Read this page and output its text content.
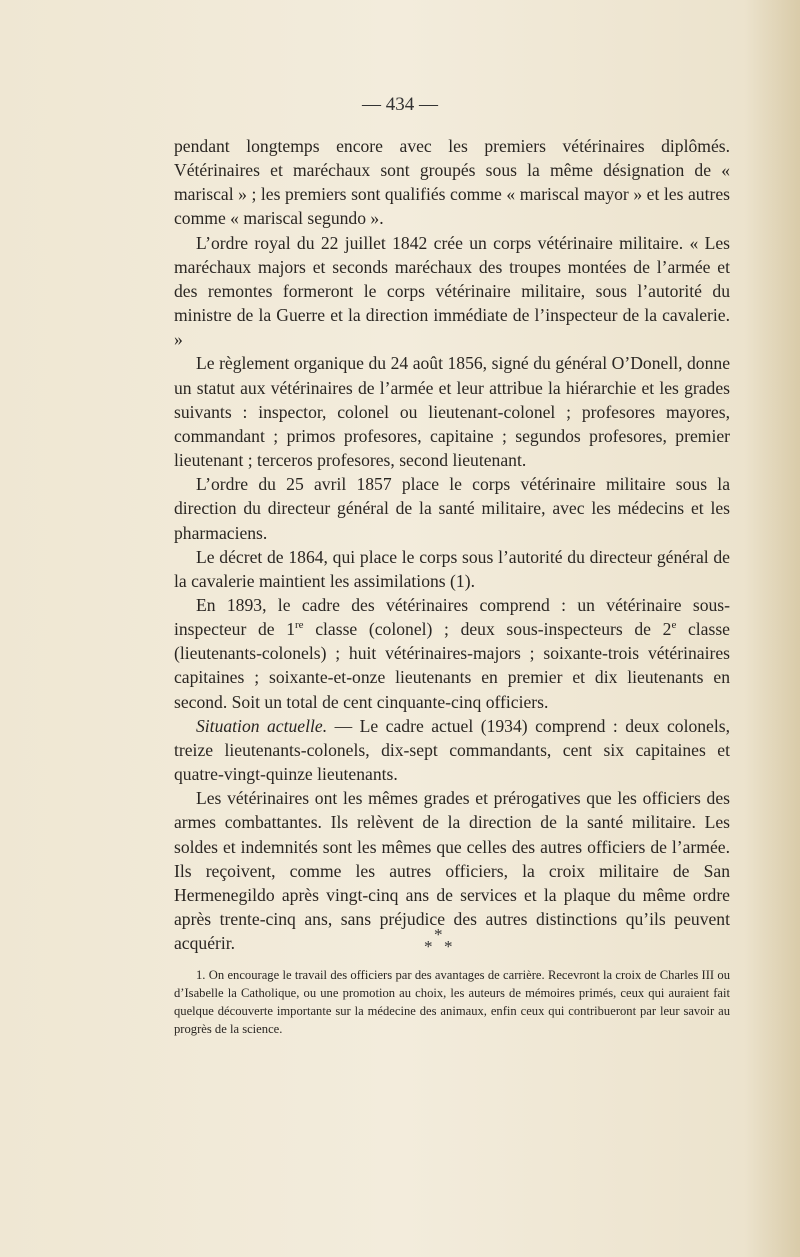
— 434 —

pendant longtemps encore avec les premiers vétérinaires diplômés. Vétérinaires et maréchaux sont groupés sous la même désignation de « mariscal » ; les premiers sont qualifiés comme « mariscal mayor » et les autres comme « mariscal segundo ».

L’ordre royal du 22 juillet 1842 crée un corps vétérinaire militaire. « Les maréchaux majors et seconds maréchaux des troupes montées de l’armée et des remontes formeront le corps vétérinaire militaire, sous l’autorité du ministre de la Guerre et la direction immédiate de l’inspecteur de la cavalerie. »

Le règlement organique du 24 août 1856, signé du général O’Donell, donne un statut aux vétérinaires de l’armée et leur attribue la hiérarchie et les grades suivants : inspector, colonel ou lieutenant-colonel ; profesores mayores, commandant ; primos profesores, capitaine ; segundos profesores, premier lieutenant ; terceros profesores, second lieutenant.

L’ordre du 25 avril 1857 place le corps vétérinaire militaire sous la direction du directeur général de la santé militaire, avec les médecins et les pharmaciens.

Le décret de 1864, qui place le corps sous l’autorité du directeur général de la cavalerie maintient les assimilations (1).

En 1893, le cadre des vétérinaires comprend : un vétérinaire sous-inspecteur de 1re classe (colonel) ; deux sous-inspecteurs de 2e classe (lieutenants-colonels) ; huit vétérinaires-majors ; soixante-trois vétérinaires capitaines ; soixante-et-onze lieutenants en premier et dix lieutenants en second. Soit un total de cent cinquante-cinq officiers.

Situation actuelle. — Le cadre actuel (1934) comprend : deux colonels, treize lieutenants-colonels, dix-sept commandants, cent six capitaines et quatre-vingt-quinze lieutenants.

Les vétérinaires ont les mêmes grades et prérogatives que les officiers des armes combattantes. Ils relèvent de la direction de la santé militaire. Les soldes et indemnités sont les mêmes que celles des autres officiers de l’armée. Ils reçoivent, comme les autres officiers, la croix militaire de San Hermenegildo après vingt-cinq ans de services et la plaque du même ordre après trente-cinq ans, sans préjudice des autres distinctions qu’ils peuvent acquérir.	*
* *
1. On encourage le travail des officiers par des avantages de carrière. Recevront la croix de Charles III ou d’Isabelle la Catholique, ou une promotion au choix, les auteurs de mémoires primés, ceux qui auraient fait quelque découverte importante sur la médecine des animaux, enfin ceux qui contribueront par leur savoir au progrès de la science.
